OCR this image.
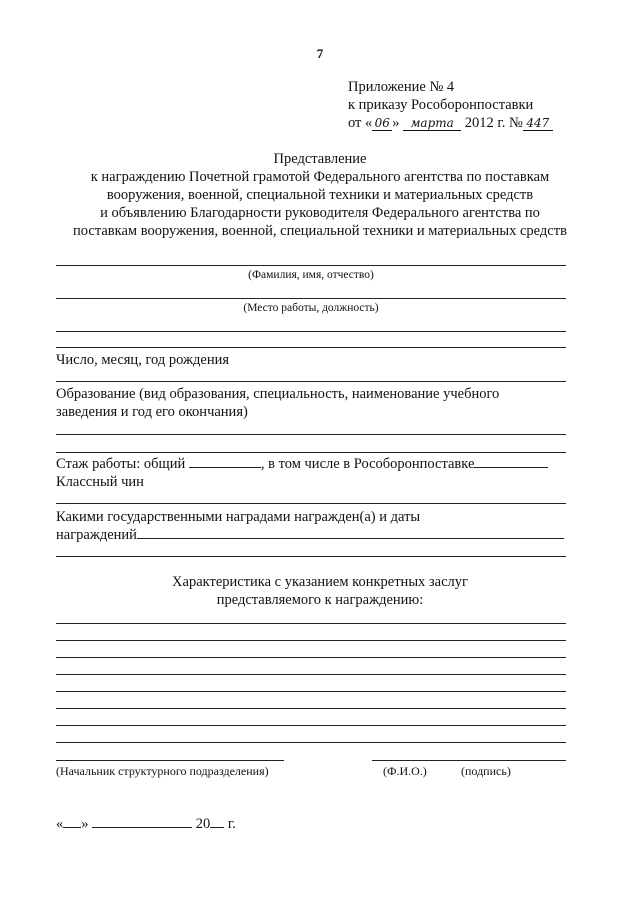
7
Приложение № 4
к приказу Рособоронпоставки
от « 06 » марта 2012 г. № 447
Представление
к награждению Почетной грамотой Федерального агентства по поставкам
вооружения, военной, специальной техники и материальных средств
и объявлению Благодарности руководителя Федерального агентства по
поставкам вооружения, военной, специальной техники и материальных средств
(Фамилия, имя, отчество)
(Место работы, должность)
Число, месяц, год рождения
Образование (вид образования, специальность, наименование учебного
заведения и год его окончания)
Стаж работы: общий	, в том числе в Рособоронпоставке
Классный чин
Какими государственными наградами награжден(а) и даты
награждений
Характеристика с указанием конкретных заслуг
представляемого к награждению:
(Начальник структурного подразделения)	(Ф.И.О.)	(подпись)
« »	20 г.
